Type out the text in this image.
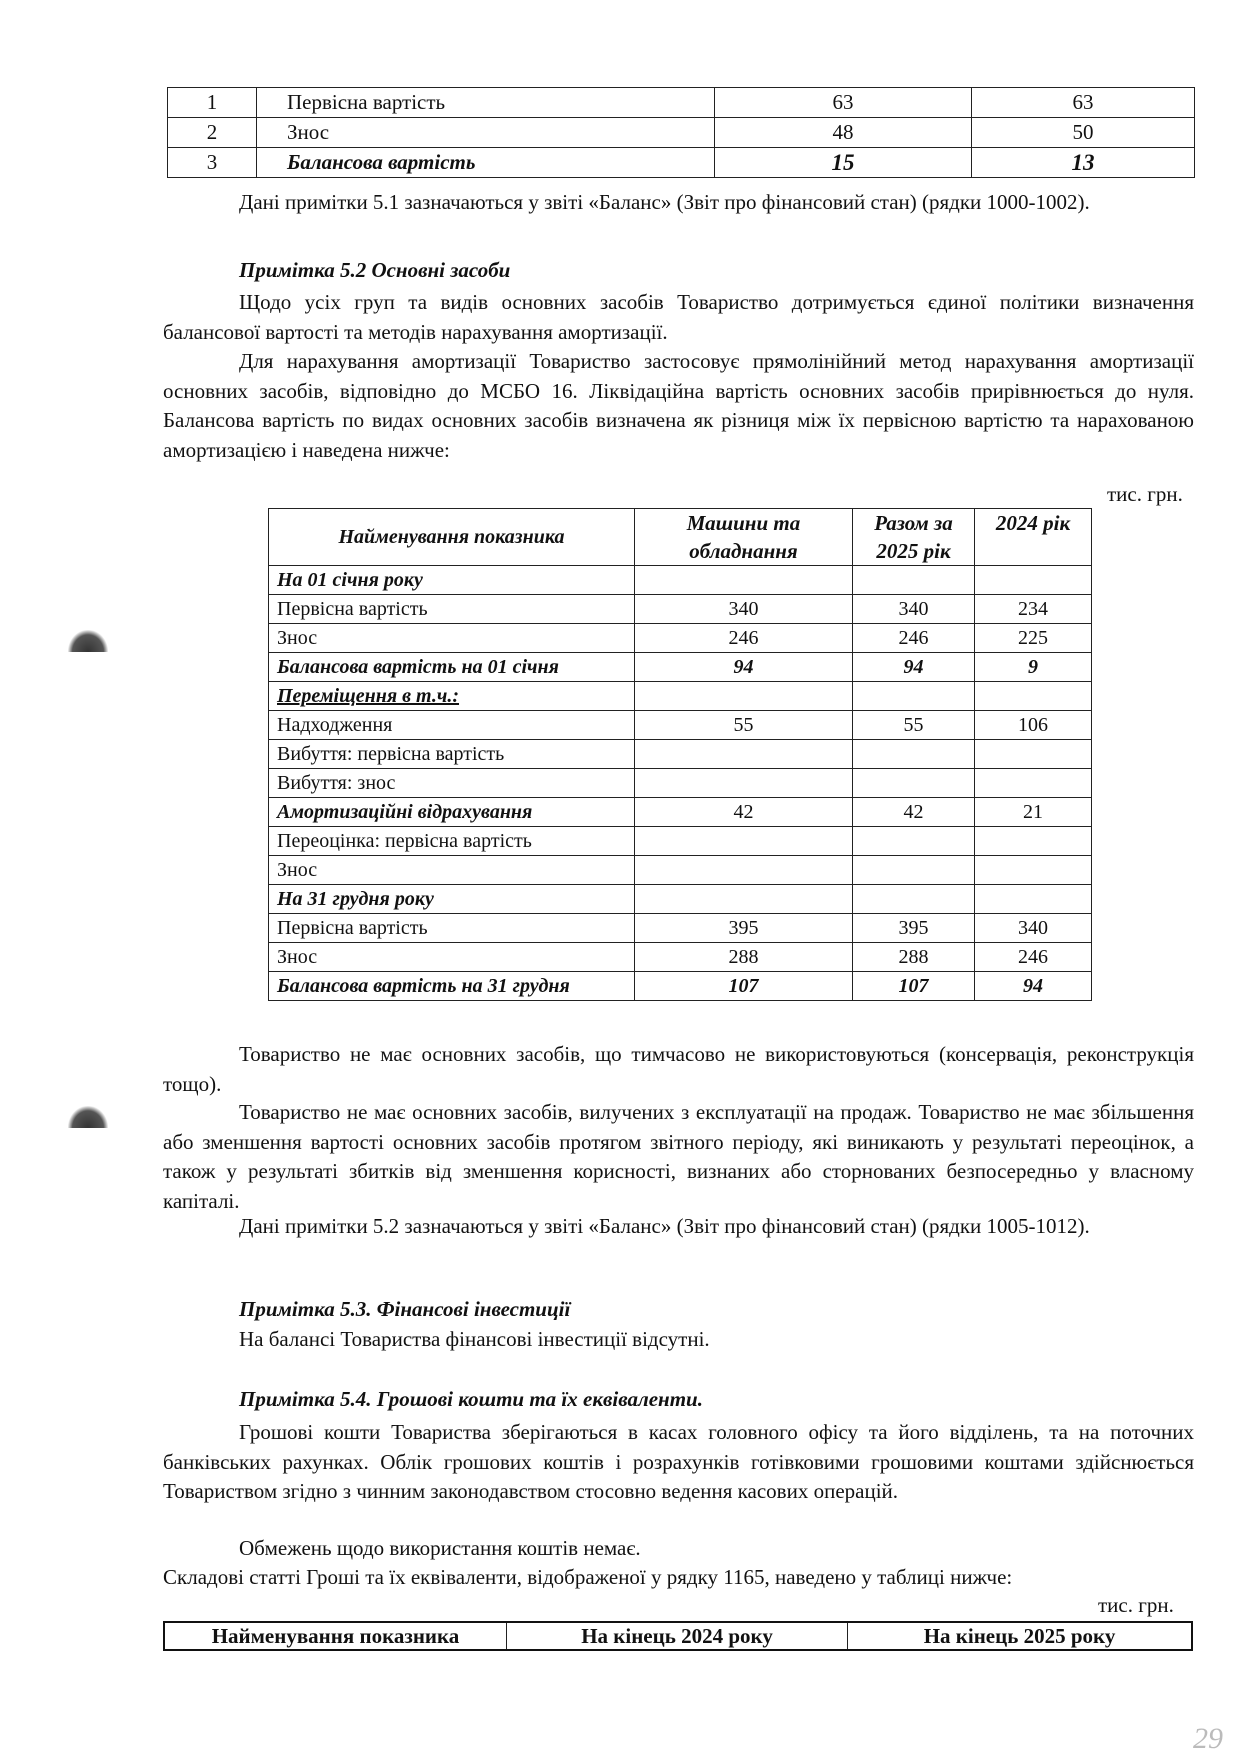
1	Первісна вартість	63	63
2	Знос	48	50
3	Балансова вартість	15	13

Дані примітки 5.1 зазначаються у звіті «Баланс» (Звіт про фінансовий стан) (рядки 1000-1002).

Примітка 5.2 Основні засоби

Щодо усіх груп та видів основних засобів Товариство дотримується єдиної політики визначення балансової вартості та методів нарахування амортизації.

Для нарахування амортизації Товариство застосовує прямолінійний метод нарахування амортизації основних засобів, відповідно до МСБО 16. Ліквідаційна вартість основних засобів прирівнюється до нуля. Балансова вартість по видах основних засобів визначена як різниця між їх первісною вартістю та нарахованою амортизацією і наведена нижче:

тис. грн.
Найменування показника	Машини та обладнання	Разом за 2025 рік	2024 рік
На 01 січня року			
Первісна вартість	340	340	234
Знос	246	246	225
Балансова вартість на 01 січня	94	94	9
Переміщення в т.ч.:			
Надходження	55	55	106
Вибуття: первісна вартість			
Вибуття: знос			
Амортизаційні відрахування	42	42	21
Переоцінка: первісна вартість			
Знос			
На 31 грудня року			
Первісна вартість	395	395	340
Знос	288	288	246
Балансова вартість на 31 грудня	107	107	94

Товариство не має основних засобів, що тимчасово не використовуються (консервація, реконструкція тощо).

Товариство не має основних засобів, вилучених з експлуатації на продаж. Товариство не має збільшення або зменшення вартості основних засобів протягом звітного періоду, які виникають у результаті переоцінок, а також у результаті збитків від зменшення корисності, визнаних або сторнованих безпосередньо у власному капіталі.

Дані примітки 5.2 зазначаються у звіті «Баланс» (Звіт про фінансовий стан) (рядки 1005-1012).

Примітка 5.3. Фінансові інвестиції
На балансі Товариства фінансові інвестиції відсутні.
Примітка 5.4. Грошові кошти та їх еквіваленти.

Грошові кошти Товариства зберігаються в касах головного офісу та його відділень, та на поточних банківських рахунках. Облік грошових коштів і розрахунків готівковими грошовими коштами здійснюється Товариством згідно з чинним законодавством стосовно ведення касових операцій.

Обмежень щодо використання коштів немає.
Складові статті Гроші та їх еквіваленти, відображеної у рядку 1165, наведено у таблиці нижче:
тис. грн.
Найменування показника	На кінець 2024 року	На кінець 2025 року
29
